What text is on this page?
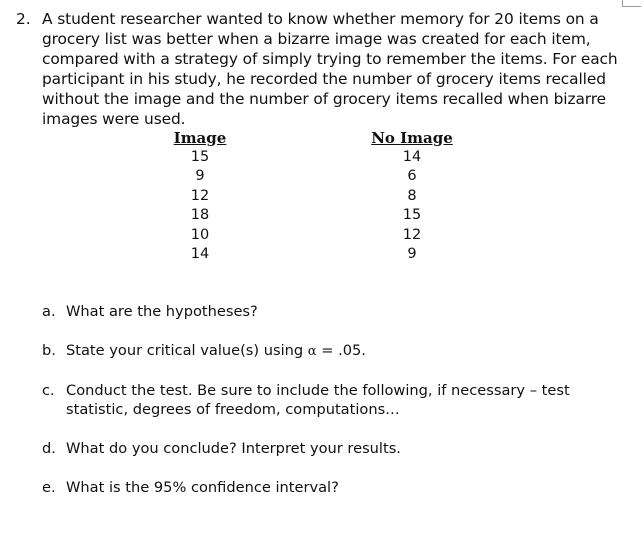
2. A student researcher wanted to know whether memory for 20 items on a grocery list was better when a bizarre image was created for each item, compared with a strategy of simply trying to remember the items. For each participant in his study, he recorded the number of grocery items recalled without the image and the number of grocery items recalled when bizarre images were used.
Image
15
9
12
18
10
14
No Image
14
6
8
15
12
9
a. What are the hypotheses?
b. State your critical value(s) using α = .05.
c. Conduct the test. Be sure to include the following, if necessary – test statistic, degrees of freedom, computations…
d. What do you conclude? Interpret your results.
e. What is the 95% confidence interval?
